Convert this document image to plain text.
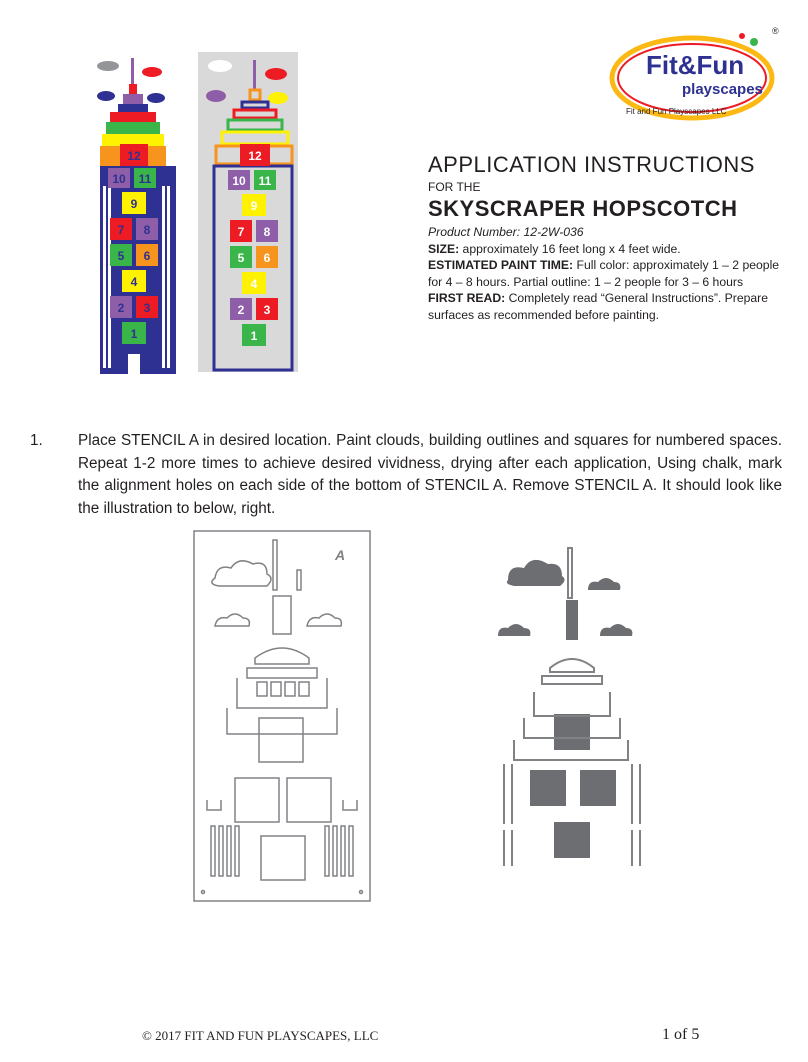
12
10 11
9
7 8
5 6
4
2 3
1
12
10 11
9
7 8
5 6
4
2 3
1
Fit&Fun
playscapes
Fit and Fun Playscapes LLC
®
APPLICATION INSTRUCTIONS

FOR THE

SKYSCRAPER HOPSCOTCH

Product Number: 12-2W-036
SIZE: approximately 16 feet long x 4 feet wide.
ESTIMATED PAINT TIME: Full color: approximately 1 – 2 people for 4 – 8 hours. Partial outline: 1 – 2 people for 3 – 6 hours
FIRST READ: Completely read “General Instructions”. Prepare surfaces as recommended before painting.

1. Place STENCIL A in desired location. Paint clouds, building outlines and squares for numbered spaces. Repeat 1-2 more times to achieve desired vividness, drying after each application, Using chalk, mark the alignment holes on each side of the bottom of STENCIL A. Remove STENCIL A. It should look like the illustration to below, right.
A
© 2017 FIT AND FUN PLAYSCAPES, LLC	1 of 5
